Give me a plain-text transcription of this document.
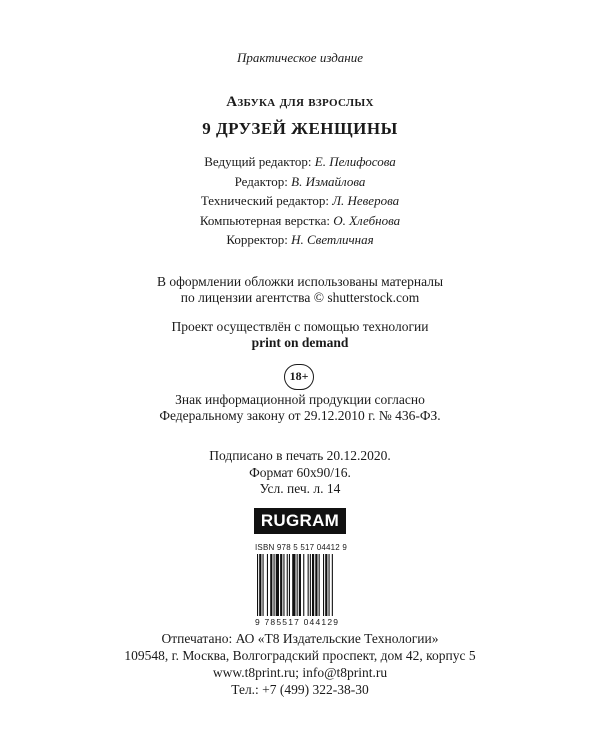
Практическое издание
Азбука для взрослых
9 ДРУЗЕЙ ЖЕНЩИНЫ
Ведущий редактор: Е. Пелифосова
Редактор: В. Измайлова
Технический редактор: Л. Неверова
Компьютерная верстка: О. Хлебнова
Корректор: Н. Светличная
В оформлении обложки использованы матерналы
по лицензии агентства © shutterstock.com
Проект осуществлён с помощью технологии
print on demand
18+
Знак информационной продукции согласно
Федеральному закону от 29.12.2010 г. № 436-ФЗ.
Подписано в печать 20.12.2020.
Формат 60x90/16.
Усл. печ. л. 14
RUGRAM
ISBN 978 5 517 04412 9
9 785517 044129
Отпечатано: АО «Т8 Издательские Технологии»
109548, г. Москва, Волгоградский проспект, дом 42, корпус 5
www.t8print.ru; info@t8print.ru
Тел.: +7 (499) 322-38-30
